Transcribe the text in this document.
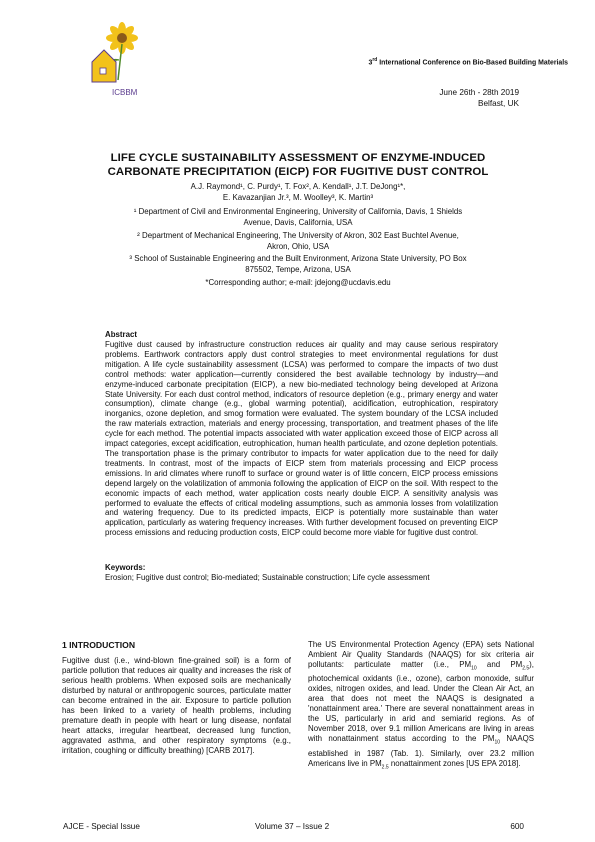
ICBBM
3rd International Conference on Bio-Based Building Materials
June 26th - 28th 2019
Belfast, UK
LIFE CYCLE SUSTAINABILITY ASSESSMENT OF ENZYME-INDUCED
CARBONATE PRECIPITATION (EICP) FOR FUGITIVE DUST CONTROL
A.J. Raymond¹, C. Purdy¹, T. Fox², A. Kendall¹, J.T. DeJong¹*,
E. Kavazanjian Jr.³, M. Woolley³, K. Martin³
¹ Department of Civil and Environmental Engineering, University of California, Davis, 1 Shields
Avenue, Davis, California, USA
² Department of Mechanical Engineering, The University of Akron, 302 East Buchtel Avenue,
Akron, Ohio, USA
³ School of Sustainable Engineering and the Built Environment, Arizona State University, PO Box
875502, Tempe, Arizona, USA
*Corresponding author; e-mail: jdejong@ucdavis.edu
Abstract
Fugitive dust caused by infrastructure construction reduces air quality and may cause serious respiratory problems. Earthwork contractors apply dust control strategies to meet environmental regulations for dust mitigation. A life cycle sustainability assessment (LCSA) was performed to compare the impacts of two dust control methods: water application—currently considered the best available technology by industry—and enzyme-induced carbonate precipitation (EICP), a new bio-mediated technology being developed at Arizona State University. For each dust control method, indicators of resource depletion (e.g., primary energy and water consumption), climate change (e.g., global warming potential), acidification, eutrophication, respiratory inorganics, ozone depletion, and smog formation were evaluated. The system boundary of the LCSA included the raw materials extraction, materials and energy processing, transportation, and treatment phases of the life cycle for each method. The potential impacts associated with water application exceed those of EICP across all impact categories, except acidification, eutrophication, human health particulate, and ozone depletion potentials. The transportation phase is the primary contributor to impacts for water application due to the need for daily treatments. In contrast, most of the impacts of EICP stem from materials processing and EICP process emissions. In arid climates where runoff to surface or ground water is of little concern, EICP process emissions depend largely on the volatilization of ammonia following the application of EICP on the soil. With respect to the economic impacts of each method, water application costs nearly double EICP. A sensitivity analysis was performed to evaluate the effects of critical modeling assumptions, such as ammonia losses from volatilization and watering frequency. Due to its predicted impacts, EICP is potentially more sustainable than water application, particularly as watering frequency increases. With further development focused on preventing EICP process emissions and reducing production costs, EICP could become more viable for fugitive dust control.
Keywords:
Erosion; Fugitive dust control; Bio-mediated; Sustainable construction; Life cycle assessment
1 INTRODUCTION
Fugitive dust (i.e., wind-blown fine-grained soil) is a form of particle pollution that reduces air quality and increases the risk of serious health problems. When exposed soils are mechanically disturbed by natural or anthropogenic sources, particulate matter can become entrained in the air. Exposure to particle pollution has been linked to a variety of health problems, including premature death in people with heart or lung disease, nonfatal heart attacks, irregular heartbeat, decreased lung function, aggravated asthma, and other respiratory symptoms (e.g., irritation, coughing or difficulty breathing) [CARB 2017].
The US Environmental Protection Agency (EPA) sets National Ambient Air Quality Standards (NAAQS) for six criteria air pollutants: particulate matter (i.e., $PM_{10}$ and $PM_{2.5}$), photochemical oxidants (i.e., ozone), carbon monoxide, sulfur oxides, nitrogen oxides, and lead. Under the Clean Air Act, an area that does not meet the NAAQS is designated a 'nonattainment area.' There are several nonattainment areas in the US, particularly in arid and semiarid regions. As of November 2018, over 9.1 million Americans are living in areas with nonattainment status according to the $PM_{10}$ NAAQS established in 1987 (Tab. 1). Similarly, over 23.2 million Americans live in $PM_{2.5}$ nonattainment zones [US EPA 2018].
AJCE - Special Issue	Volume 37 – Issue 2	600
